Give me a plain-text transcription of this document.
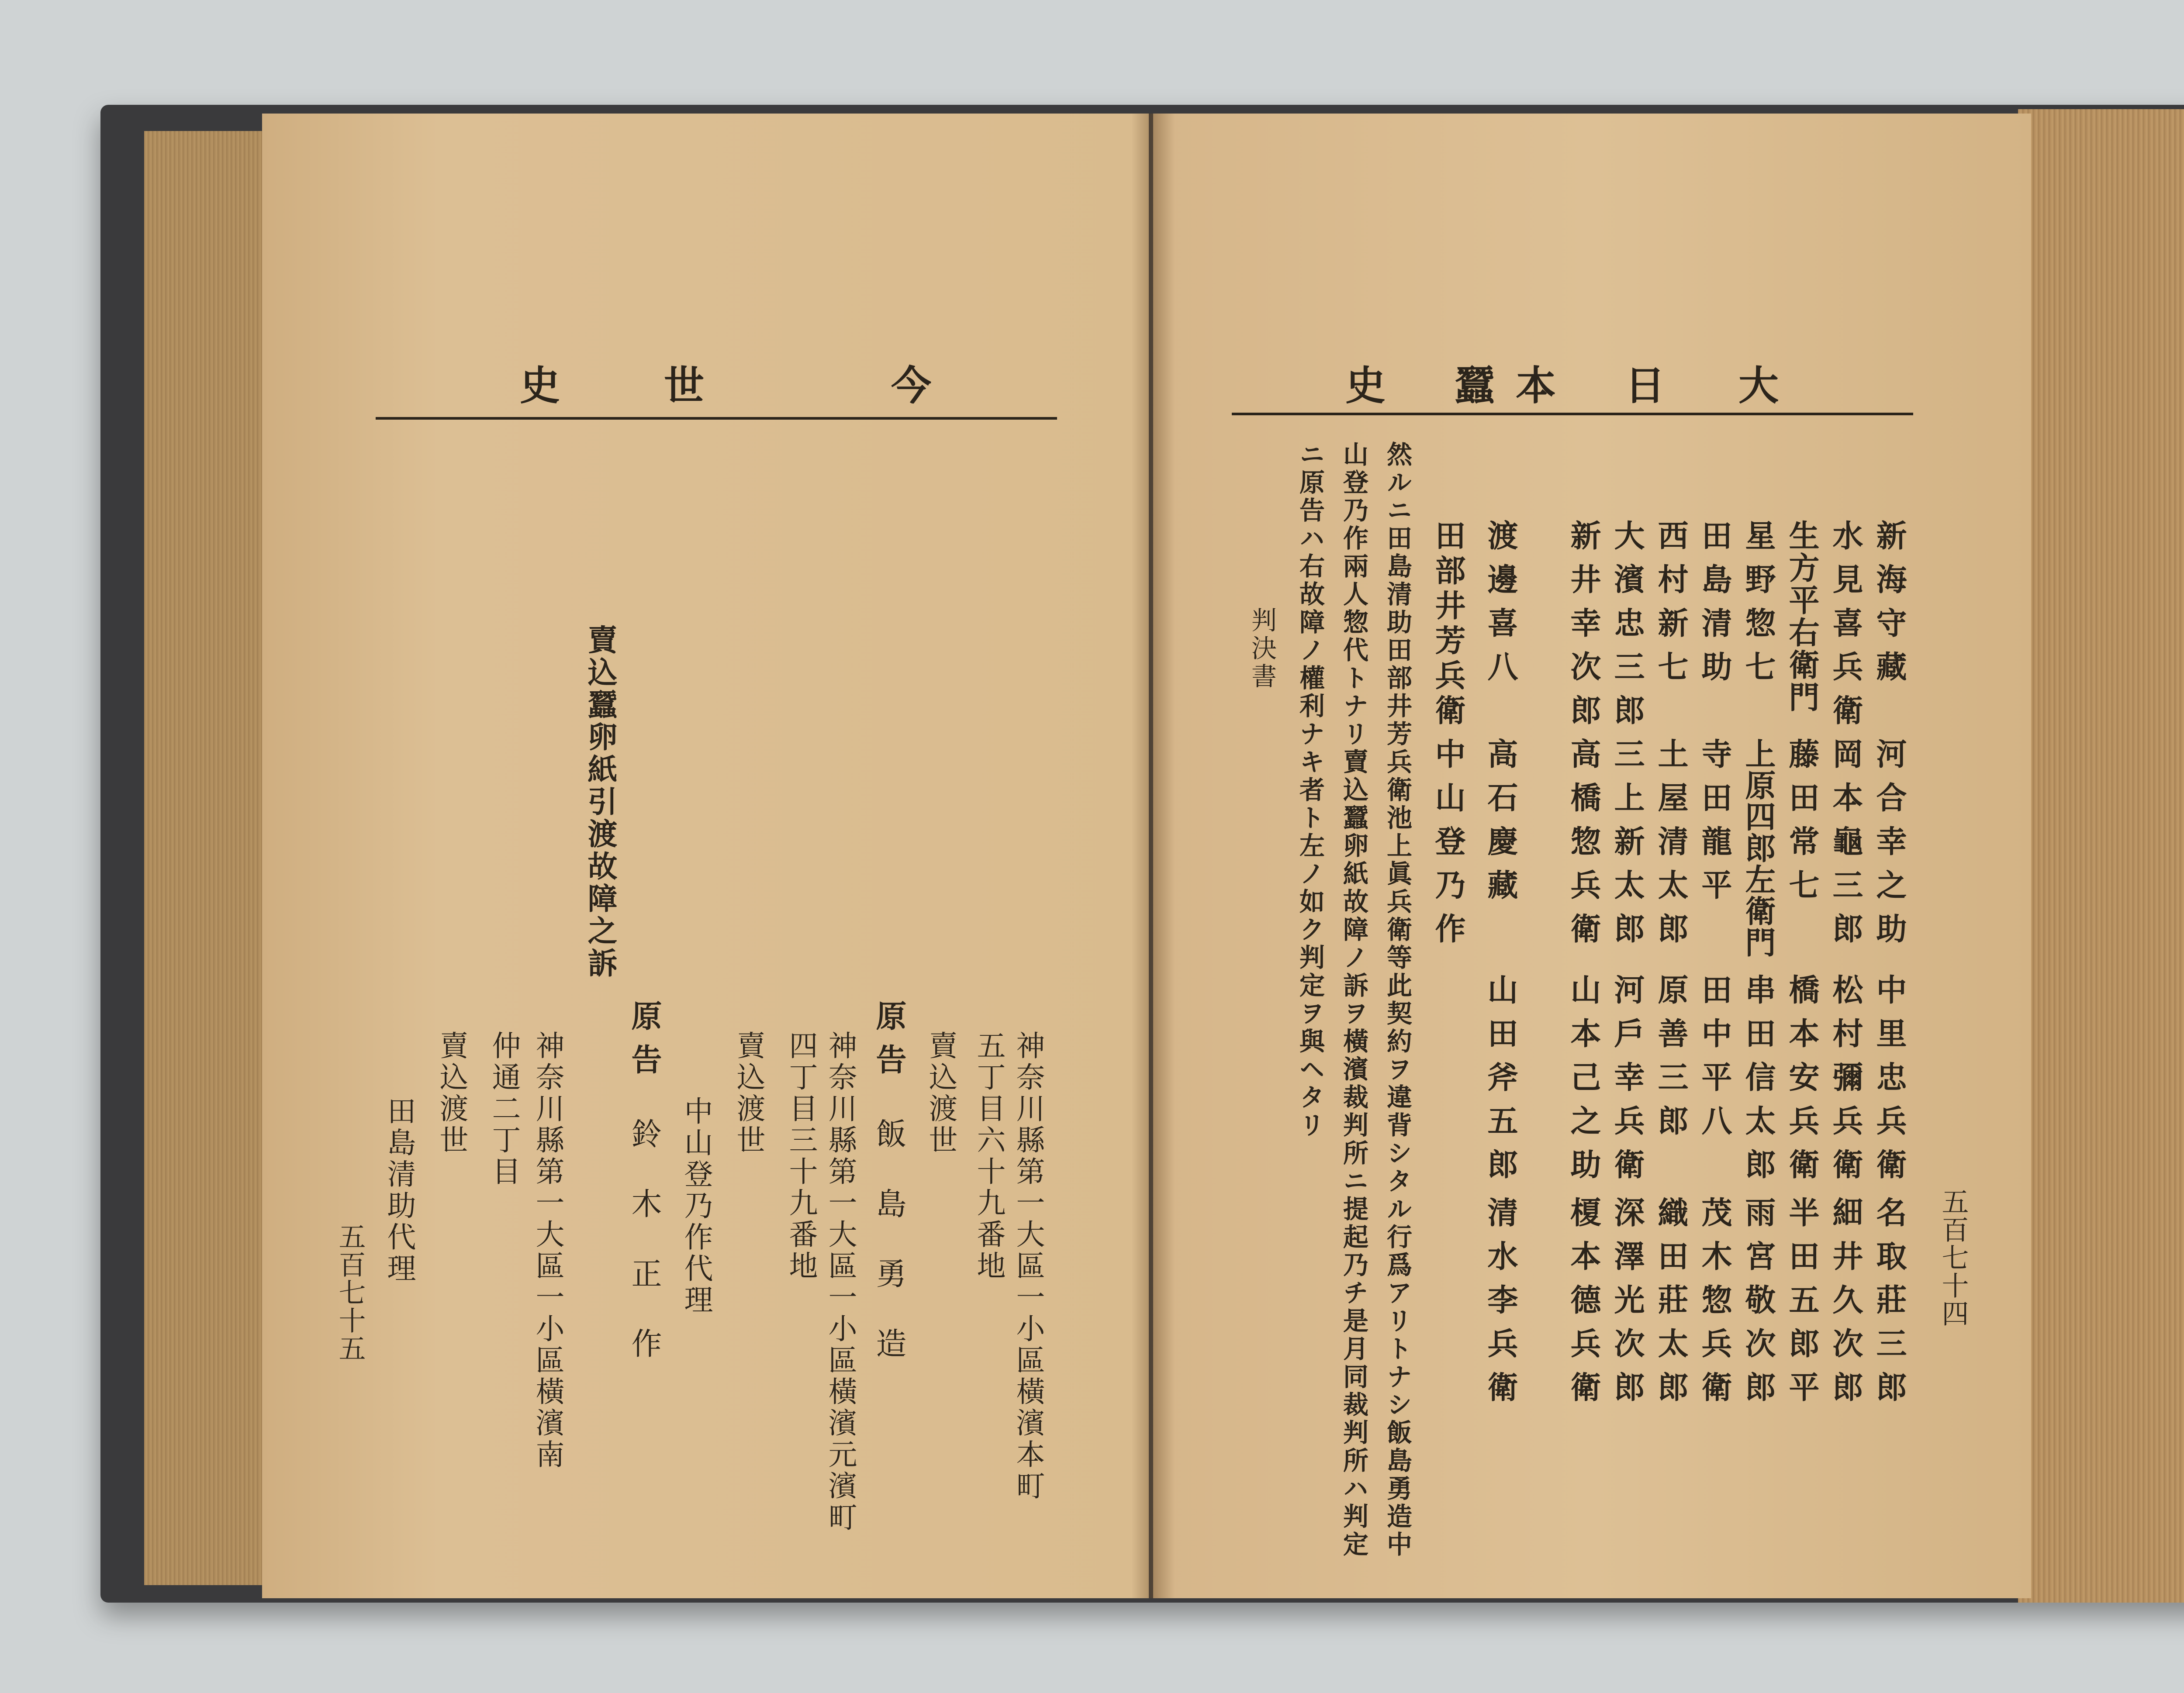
今
世
史
賣込蠶卵紙引渡故障之訴
神奈川縣第一大區一小區橫濱本町
五丁目六十九番地
賣込渡世
原告
飯島勇造
神奈川縣第一大區一小區橫濱元濱町
四丁目三十九番地
賣込渡世
中山登乃作代理
原告
鈴木正作
神奈川縣第一大區一小區橫濱南
仲通二丁目
賣込渡世
田島清助代理
五百七十五
大
日
本
蠶
史
新海守藏
河合幸之助
中里忠兵衛
名取莊三郎
水見喜兵衛
岡本龜三郎
松村彌兵衛
細井久次郎
生方平右衛門
藤田常七
橋本安兵衛
半田五郎平
星野惣七
上原四郎左衛門
串田信太郎
雨宮敬次郎
田島清助
寺田龍平
田中平八
茂木惣兵衛
西村新七
土屋清太郎
原善三郎
織田莊太郎
大濱忠三郎
三上新太郎
河戶幸兵衛
深澤光次郎
新井幸次郎
高橋惣兵衛
山本己之助
榎本德兵衛
渡邊喜八
高石慶藏
山田斧五郎
清水李兵衛
田部井芳兵衛
中山登乃作
然ルニ田島清助田部井芳兵衛池上眞兵衛等此契約ヲ違背シタル行爲アリトナシ飯島勇造中
山登乃作兩人惣代トナリ賣込蠶卵紙故障ノ訴ヲ橫濱裁判所ニ提起乃チ是月同裁判所ハ判定
ニ原告ハ右故障ノ權利ナキ者ト左ノ如ク判定ヲ與ヘタリ
判決書
五百七十四
